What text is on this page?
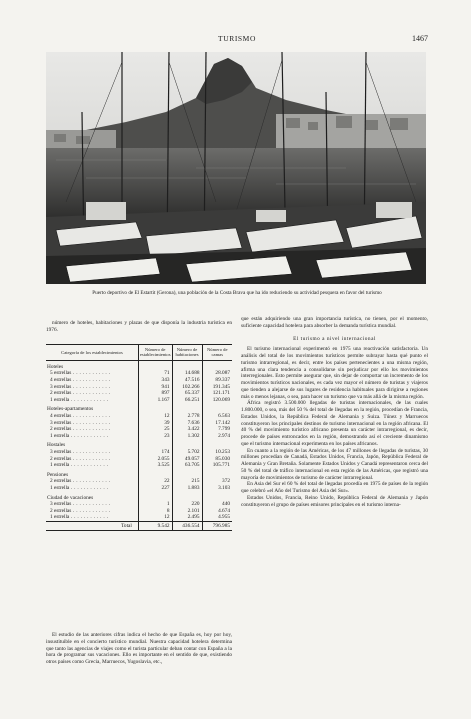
TURISMO	1467
Puerto deportivo de El Estartit (Gerona), una población de la Costa Brava que ha ido reduciendo su actividad pesquera en favor del turismo

número de hoteles, habitaciones y plazas de que disponía la industria turística en 1976.

Categoría de los establecimientos	Número de establecimientos	Número de habitaciones	Número de camas
Hoteles			
5 estrellas . . .	71	14.688	28.087
4 estrellas . . .	343	47.516	89.337
3 estrellas . . .	941	102.266	191.345
2 estrellas . . .	897	65.337	121.171
1 estrella . . .	1.167	66.251	120.069
Hoteles-apartamentos			
4 estrellas . . .	12	2.778	6.563
3 estrellas . . .	39	7.636	17.142
2 estrellas . . .	25	3.422	7.799
1 estrella . . .	23	1.302	2.974
Hostales			
3 estrellas . . .	174	5.702	10.253
2 estrellas . . .	2.055	49.057	85.030
1 estrella . . .	3.525	63.705	105.771
Pensiones			
2 estrellas . . .	22	215	372
1 estrella . . .	227	1.883	3.103
Ciudad de vacaciones			
3 estrellas . . .	1	220	440
2 estrellas . . .	8	2.101	4.674
1 estrella . . .	12	2.495	4.955
Total	9.542	436.554	796.985

El estudio de las anteriores cifras indica el hecho de que España es, hoy por hoy, insustituible en el concierto turístico mundial. Nuestra capacidad hotelera determina que tanto las agencias de viajes como el turista particular deban contar con España a la hora de programar sus vacaciones. Ello es importante en el sentido de que, existiendo otros países como Grecia, Marruecos, Yugoslavia, etc.,

que están adquiriendo una gran importancia turística, no tienen, por el momento, suficiente capacidad hotelera para absorber la demanda turística mundial.

El turismo a nivel internacional

El turismo internacional experimentó en 1975 una reactivación satisfactoria. Un análisis del total de los movimientos turísticos permite subrayar hasta qué punto el turismo intrarregional, es decir, entre los países pertenecientes a una misma región, afirma una clara tendencia a consolidarse sin perjudicar por ello los movimientos interregionales. Esto permite asegurar que, sin dejar de comportar un incremento de los movimientos turísticos nacionales, es cada vez mayor el número de turistas y viajeros que tienden a alejarse de sus lugares de residencia habituales para dirigirse a regiones más o menos lejanas, o sea, para hacer un turismo que va más allá de la misma región.

África registró 3.500.000 llegadas de turistas internacionales, de las cuales 1.800.000, o sea, más del 50 % del total de llegadas en la región, procedían de Francia, Estados Unidos, la República Federal de Alemania y Suiza. Túnez y Marruecos constituyeron los principales destinos de turismo internacional en la región africana. El 40 % del movimiento turístico africano presenta un carácter intrarregional, es decir, procede de países entroncados en la región, demostrando así el creciente dinamismo que el turismo internacional experimenta en los países africanos.

En cuanto a la región de las Américas, de los 47 millones de llegadas de turistas, 30 millones procedían de Canadá, Estados Unidos, Francia, Japón, República Federal de Alemania y Gran Bretaña. Solamente Estados Unidos y Canadá representaron cerca del 50 % del total de tráfico internacional en esta región de las Américas, que registró una mayoría de movimientos de turismo de carácter intrarregional.

En Asia del Sur el 60 % del total de llegadas procedía en 1975 de países de la región que celebró «el Año del Turismo del Asia del Sur».

Estados Unidos, Francia, Reino Unido, República Federal de Alemania y Japón constituyeron el grupo de países emisores principales en el turismo interna-
